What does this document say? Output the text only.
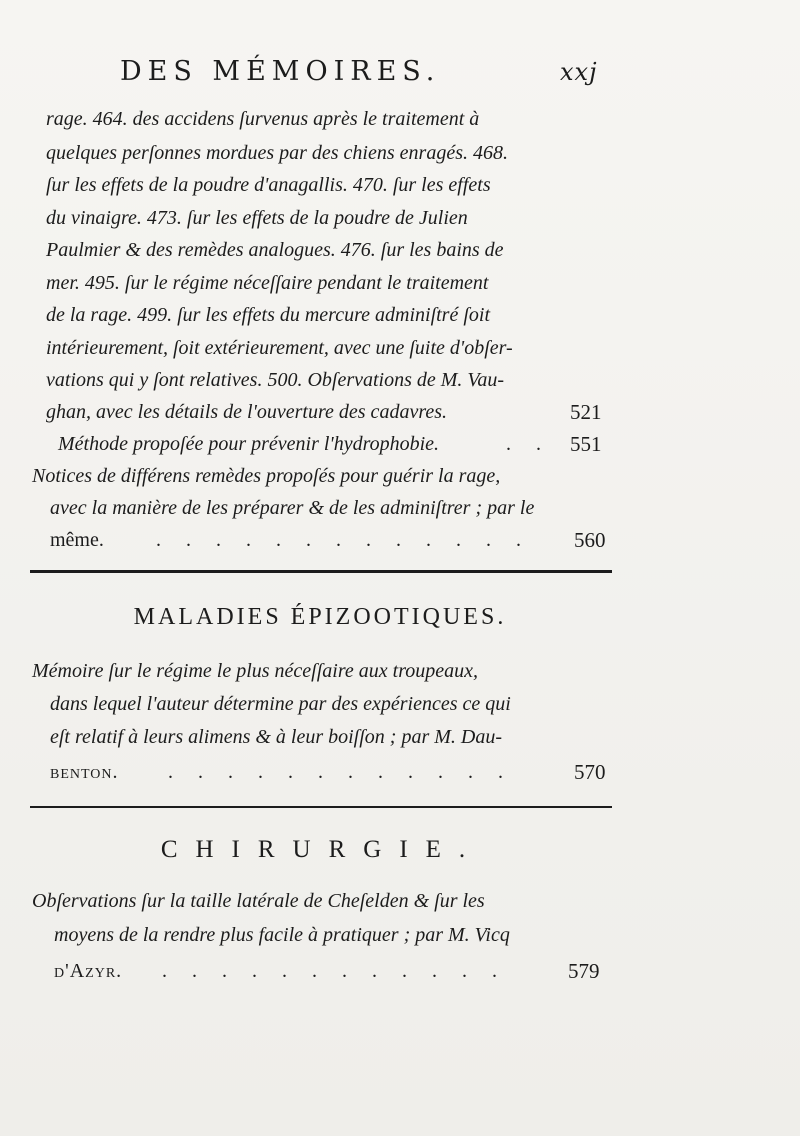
DES MÉMOIRES.	xxj
rage. 464. des accidens ſurvenus après le traitement à
quelques perſonnes mordues par des chiens enragés. 468.
ſur les effets de la poudre d'anagallis. 470. ſur les effets
du vinaigre. 473. ſur les effets de la poudre de Julien
Paulmier & des remèdes analogues. 476. ſur les bains de
mer. 495. ſur le régime néceſſaire pendant le traitement
de la rage. 499. ſur les effets du mercure adminiſtré ſoit
intérieurement, ſoit extérieurement, avec une ſuite d'obſer-
vations qui y ſont relatives. 500. Obſervations de M. Vau-
ghan, avec les détails de l'ouverture des cadavres.	521
Méthode propoſée pour prévenir l'hydrophobie.	. . 551
Notices de différens remèdes propoſés pour guérir la rage,
avec la manière de les préparer & de les adminiſtrer ; par le
même.	. . . . . . . . . . . . . 560
MALADIES ÉPIZOOTIQUES.
Mémoire ſur le régime le plus néceſſaire aux troupeaux,
dans lequel l'auteur détermine par des expériences ce qui
eſt relatif à leurs alimens & à leur boiſſon ; par M. Dau-
benton. . . . . . . . . . . . .	570
CHIRURGIE.
Obſervations ſur la taille latérale de Cheſelden & ſur les
moyens de la rendre plus facile à pratiquer ; par M. Vicq
d'Azyr. . . . . . . . . . . . .	579
